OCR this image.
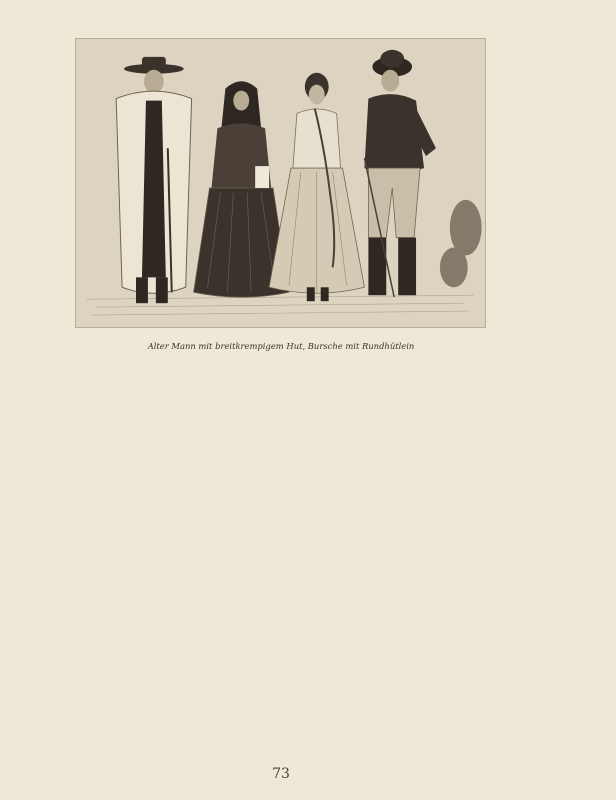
Alter Mann mit breitkrempigem Hut, Bursche mit Rundhütlein
73
